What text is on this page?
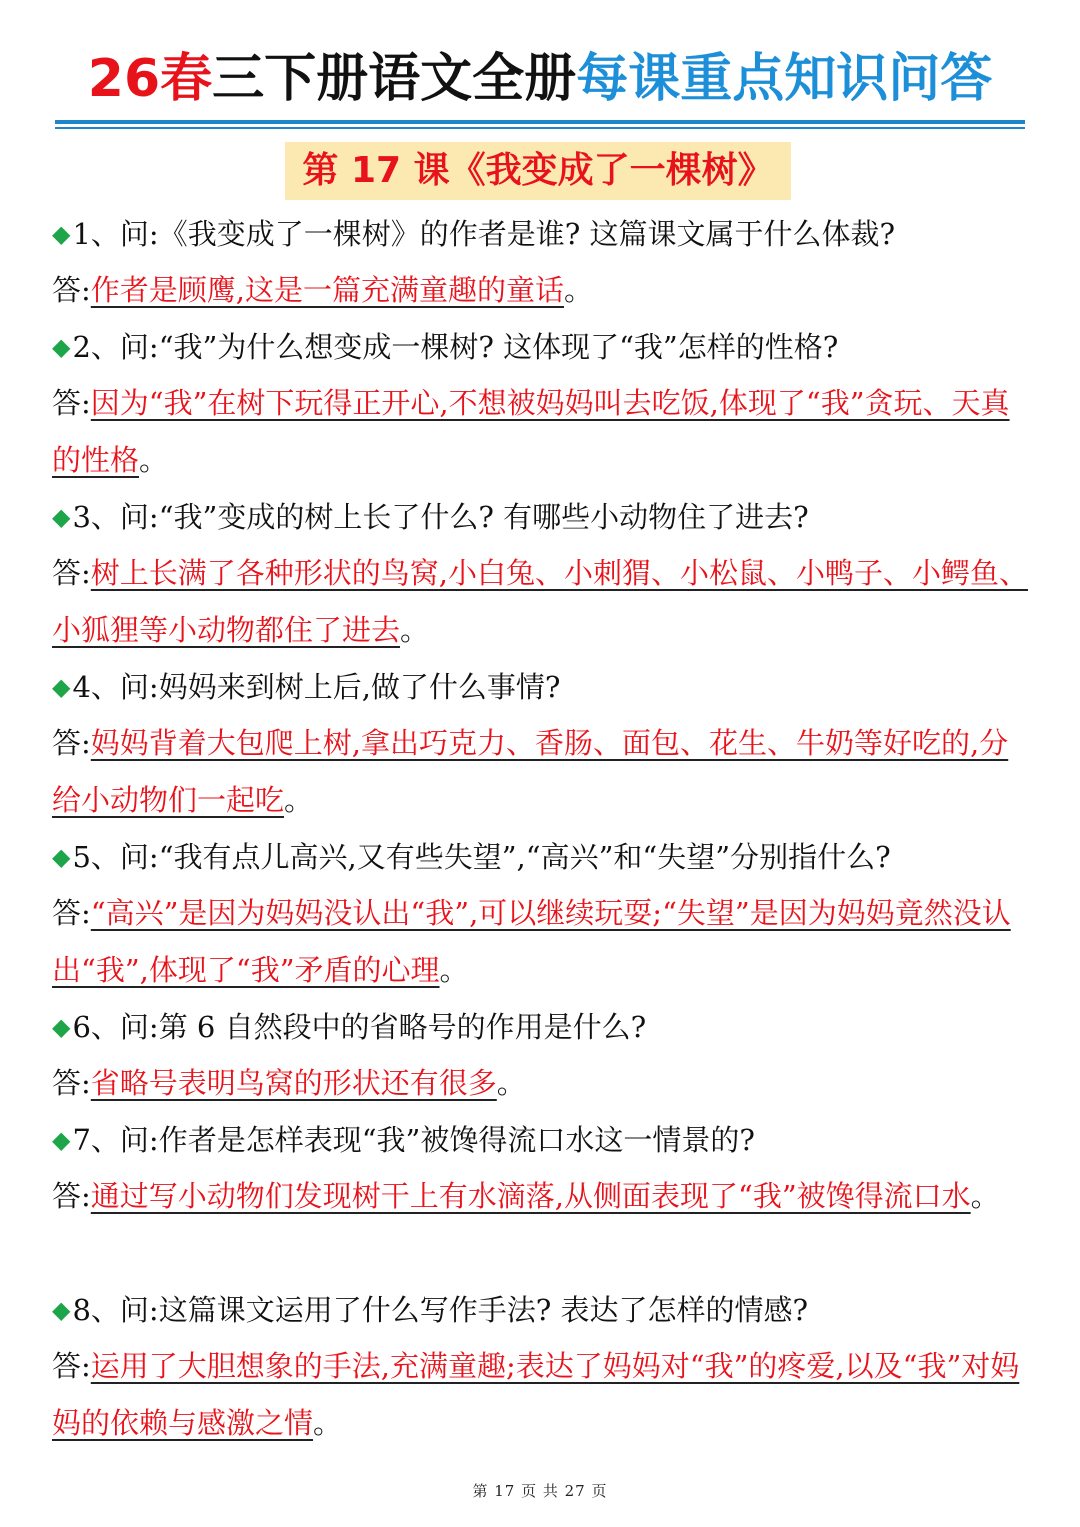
26春三下册语文全册每课重点知识问答
第 17 课《我变成了一棵树》
◆1、问:《我变成了一棵树》的作者是谁? 这篇课文属于什么体裁?
答:作者是顾鹰,这是一篇充满童趣的童话。
◆2、问:“我”为什么想变成一棵树? 这体现了“我”怎样的性格?
答:因为“我”在树下玩得正开心,不想被妈妈叫去吃饭,体现了“我”贪玩、天真的性格。
◆3、问:“我”变成的树上长了什么? 有哪些小动物住了进去?
答:树上长满了各种形状的鸟窝,小白兔、小刺猬、小松鼠、小鸭子、小鳄鱼、小狐狸等小动物都住了进去。
◆4、问:妈妈来到树上后,做了什么事情?
答:妈妈背着大包爬上树,拿出巧克力、香肠、面包、花生、牛奶等好吃的,分给小动物们一起吃。
◆5、问:“我有点儿高兴,又有些失望”,“高兴”和“失望”分别指什么?
答:“高兴”是因为妈妈没认出“我”,可以继续玩耍;“失望”是因为妈妈竟然没认出“我”,体现了“我”矛盾的心理。
◆6、问:第 6 自然段中的省略号的作用是什么?
答:省略号表明鸟窝的形状还有很多。
◆7、问:作者是怎样表现“我”被馋得流口水这一情景的?
答:通过写小动物们发现树干上有水滴落,从侧面表现了“我”被馋得流口水。
◆8、问:这篇课文运用了什么写作手法? 表达了怎样的情感?
答:运用了大胆想象的手法,充满童趣;表达了妈妈对“我”的疼爱,以及“我”对妈妈的依赖与感激之情。
第 17 页 共 27 页
